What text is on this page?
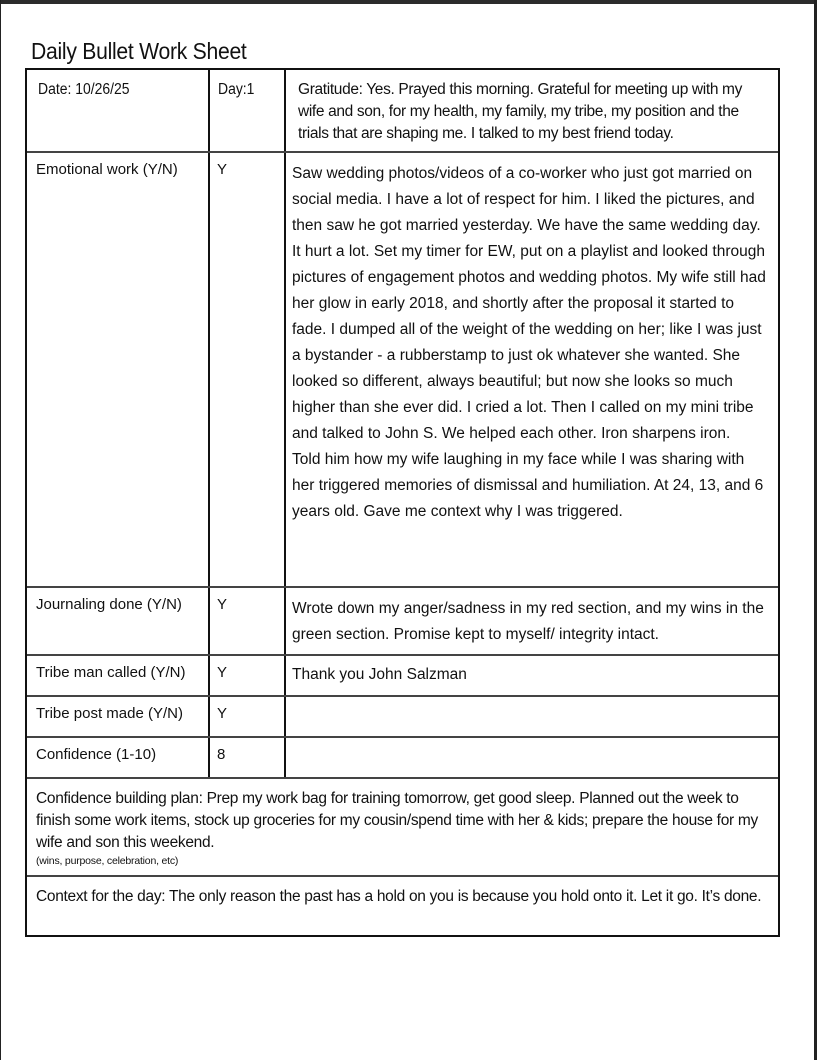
Daily Bullet Work Sheet
Date: 10/26/25	Day:1	Gratitude: Yes. Prayed this morning. Grateful for meeting up with my wife and son, for my health, my family, my tribe, my position and the trials that are shaping me. I talked to my best friend today.
Emotional work (Y/N)	Y	Saw wedding photos/videos of a co-worker who just got married on social media. I have a lot of respect for him. I liked the pictures, and then saw he got married yesterday. We have the same wedding day. It hurt a lot. Set my timer for EW, put on a playlist and looked through pictures of engagement photos and wedding photos. My wife still had her glow in early 2018, and shortly after the proposal it started to fade. I dumped all of the weight of the wedding on her; like I was just a bystander - a rubberstamp to just ok whatever she wanted. She looked so different, always beautiful; but now she looks so much higher than she ever did. I cried a lot. Then I called on my mini tribe and talked to John S. We helped each other. Iron sharpens iron.
Told him how my wife laughing in my face while I was sharing with her triggered memories of dismissal and humiliation. At 24, 13, and 6 years old. Gave me context why I was triggered.
Journaling done (Y/N)	Y	Wrote down my anger/sadness in my red section, and my wins in the green section. Promise kept to myself/ integrity intact.
Tribe man called (Y/N)	Y	Thank you John Salzman
Tribe post made (Y/N)	Y
Confidence (1-10)	8
Confidence building plan: Prep my work bag for training tomorrow, get good sleep. Planned out the week to finish some work items, stock up groceries for my cousin/spend time with her & kids; prepare the house for my wife and son this weekend.
(wins, purpose, celebration, etc)
Context for the day: The only reason the past has a hold on you is because you hold onto it. Let it go. It’s done.
